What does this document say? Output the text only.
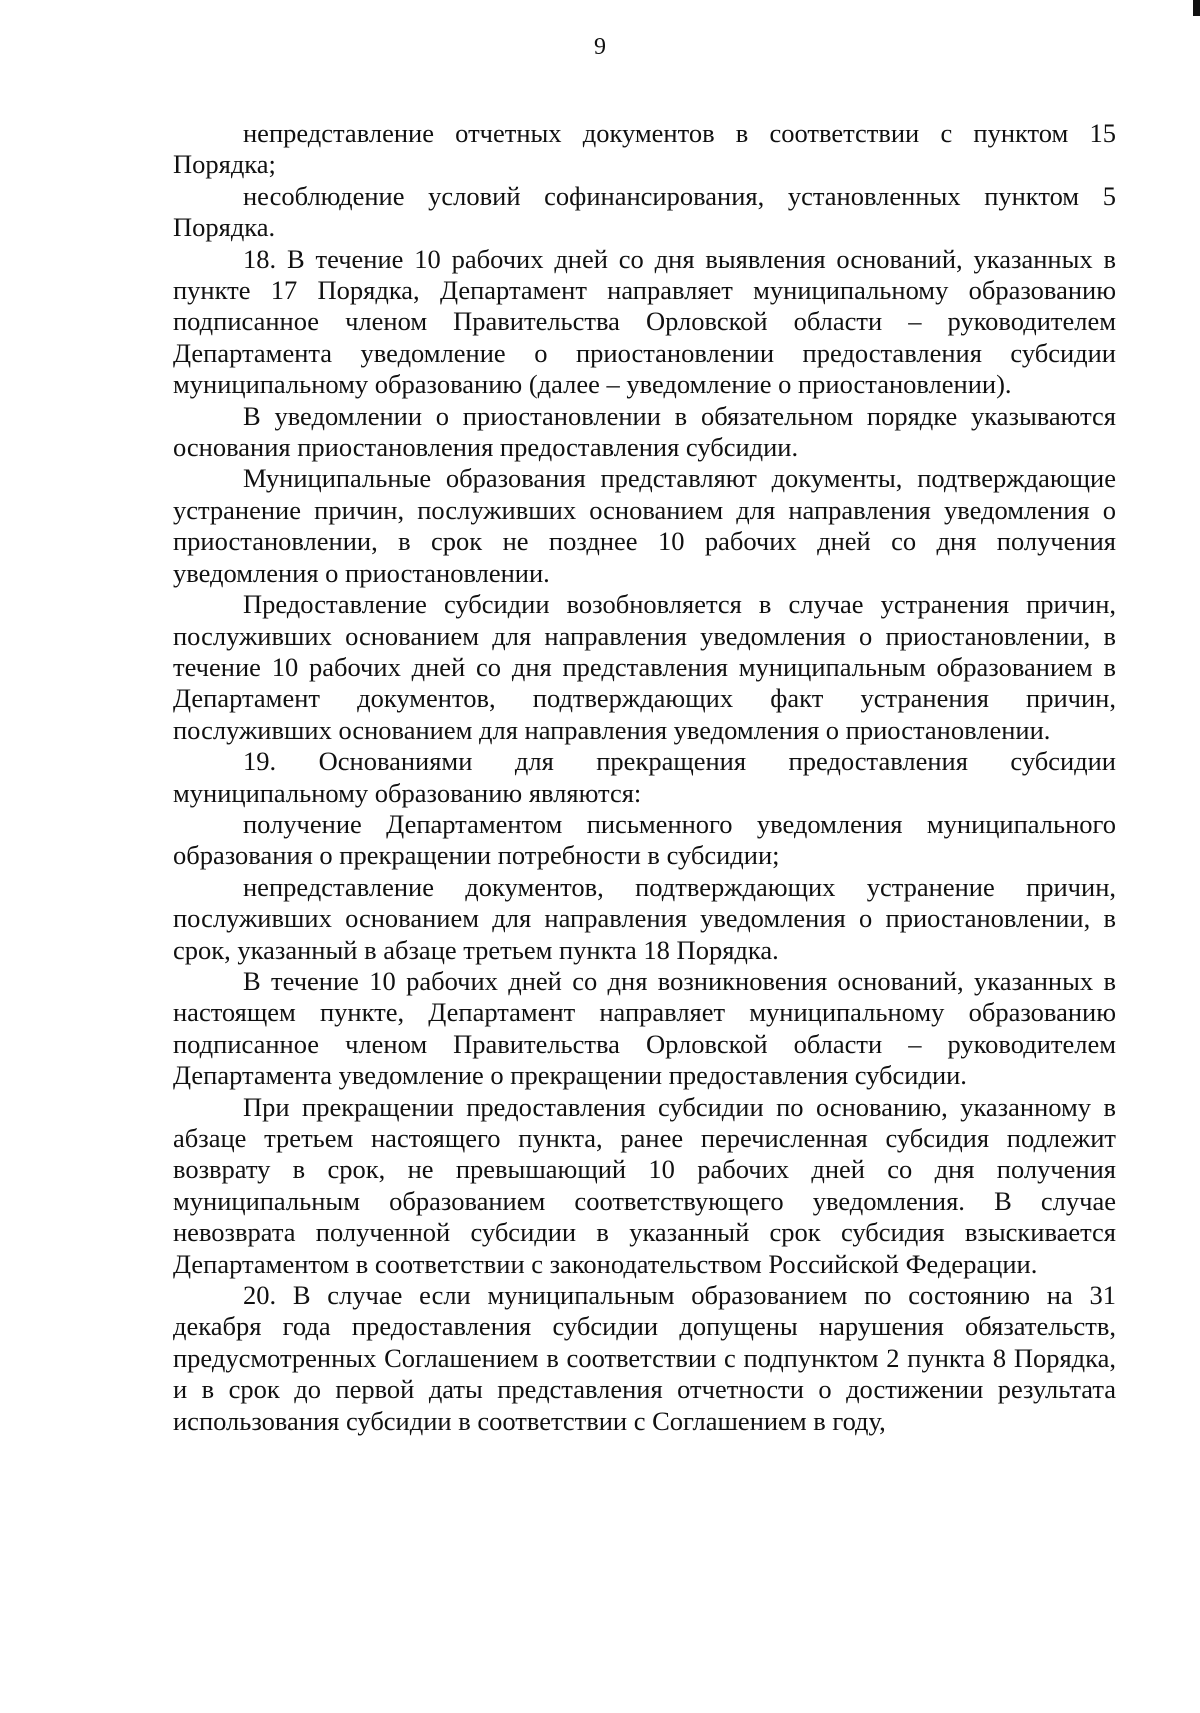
9

непредставление отчетных документов в соответствии с пунктом 15 Порядка;

несоблюдение условий софинансирования, установленных пунктом 5 Порядка.

18. В течение 10 рабочих дней со дня выявления оснований, указанных в пункте 17 Порядка, Департамент направляет муниципальному образованию подписанное членом Правительства Орловской области – руководителем Департамента уведомление о приостановлении предоставления субсидии муниципальному образованию (далее – уведомление о приостановлении).

В уведомлении о приостановлении в обязательном порядке указываются основания приостановления предоставления субсидии.

Муниципальные образования представляют документы, подтверждающие устранение причин, послуживших основанием для направления уведомления о приостановлении, в срок не позднее 10 рабочих дней со дня получения уведомления о приостановлении.

Предоставление субсидии возобновляется в случае устранения причин, послуживших основанием для направления уведомления о приостановлении, в течение 10 рабочих дней со дня представления муниципальным образованием в Департамент документов, подтверждающих факт устранения причин, послуживших основанием для направления уведомления о приостановлении.

19. Основаниями для прекращения предоставления субсидии муниципальному образованию являются:

получение Департаментом письменного уведомления муниципального образования о прекращении потребности в субсидии;

непредставление документов, подтверждающих устранение причин, послуживших основанием для направления уведомления о приостановлении, в срок, указанный в абзаце третьем пункта 18 Порядка.

В течение 10 рабочих дней со дня возникновения оснований, указанных в настоящем пункте, Департамент направляет муниципальному образованию подписанное членом Правительства Орловской области – руководителем Департамента уведомление о прекращении предоставления субсидии.

При прекращении предоставления субсидии по основанию, указанному в абзаце третьем настоящего пункта, ранее перечисленная субсидия подлежит возврату в срок, не превышающий 10 рабочих дней со дня получения муниципальным образованием соответствующего уведомления. В случае невозврата полученной субсидии в указанный срок субсидия взыскивается Департаментом в соответствии с законодательством Российской Федерации.

20. В случае если муниципальным образованием по состоянию на 31 декабря года предоставления субсидии допущены нарушения обязательств, предусмотренных Соглашением в соответствии с подпунктом 2 пункта 8 Порядка, и в срок до первой даты представления отчетности о достижении результата использования субсидии в соответствии с Соглашением в году,
